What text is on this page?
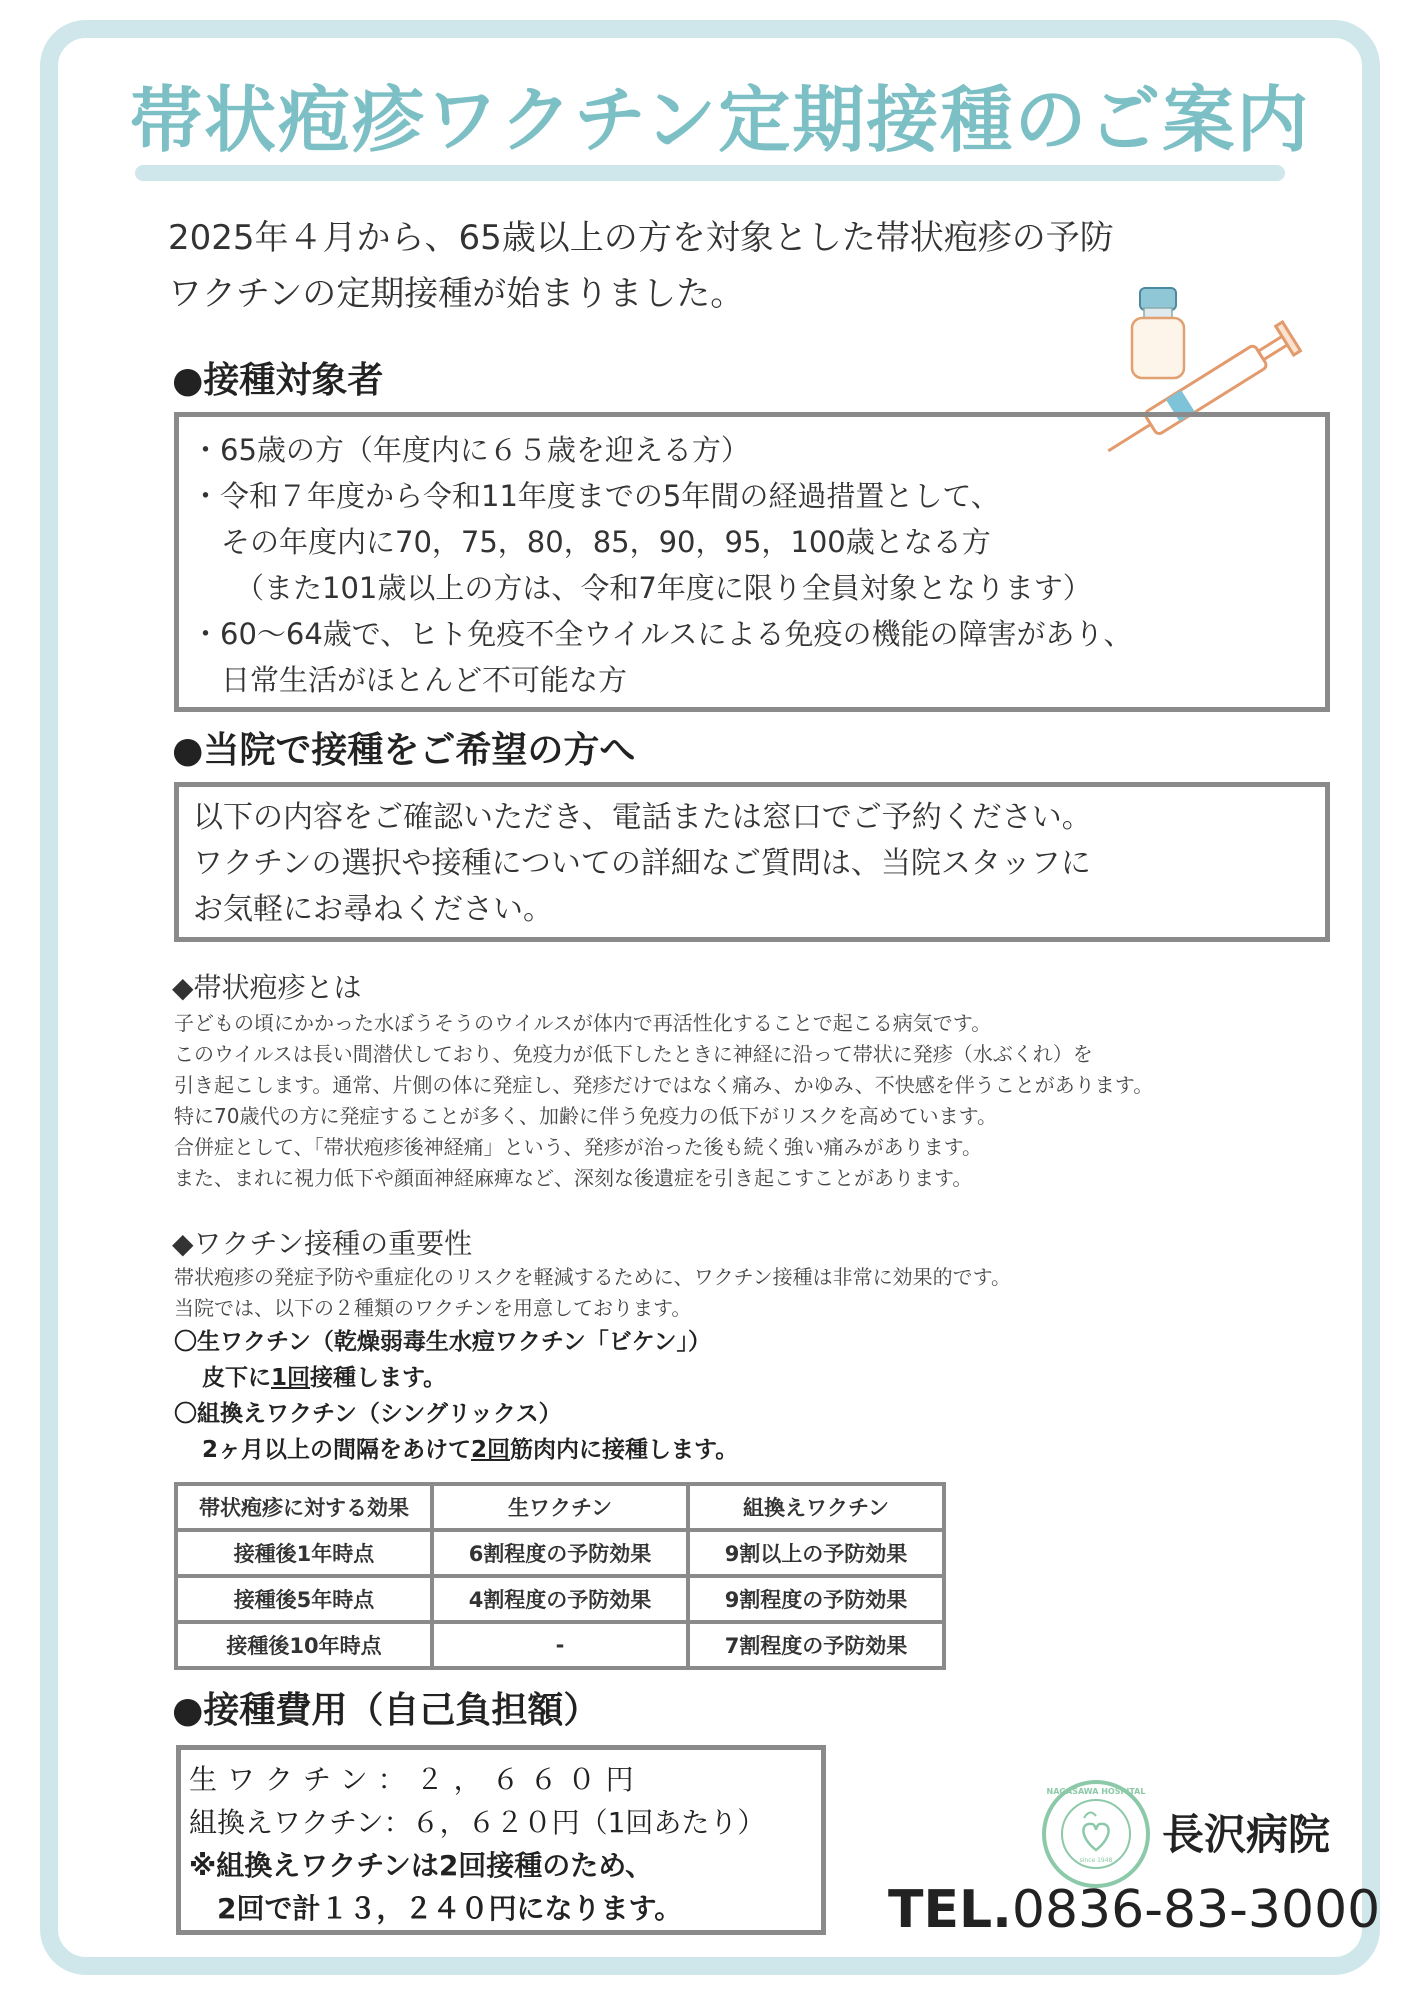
帯状疱疹ワクチン定期接種のご案内
2025年４月から、65歳以上の方を対象とした帯状疱疹の予防
ワクチンの定期接種が始まりました。
●接種対象者
・65歳の方（年度内に６５歳を迎える方）
・令和７年度から令和11年度までの5年間の経過措置として、
その年度内に70，75，80，85，90，95，100歳となる方
（また101歳以上の方は、令和7年度に限り全員対象となります）
・60〜64歳で、ヒト免疫不全ウイルスによる免疫の機能の障害があり、
日常生活がほとんど不可能な方
●当院で接種をご希望の方へ
以下の内容をご確認いただき、電話または窓口でご予約ください。
ワクチンの選択や接種についての詳細なご質問は、当院スタッフに
お気軽にお尋ねください。
◆帯状疱疹とは
子どもの頃にかかった水ぼうそうのウイルスが体内で再活性化することで起こる病気です。
このウイルスは長い間潜伏しており、免疫力が低下したときに神経に沿って帯状に発疹（水ぶくれ）を
引き起こします。通常、片側の体に発症し、発疹だけではなく痛み、かゆみ、不快感を伴うことがあります。
特に70歳代の方に発症することが多く、加齢に伴う免疫力の低下がリスクを高めています。
合併症として、「帯状疱疹後神経痛」という、発疹が治った後も続く強い痛みがあります。
また、まれに視力低下や顔面神経麻痺など、深刻な後遺症を引き起こすことがあります。
◆ワクチン接種の重要性
帯状疱疹の発症予防や重症化のリスクを軽減するために、ワクチン接種は非常に効果的です。
当院では、以下の２種類のワクチンを用意しております。
〇生ワクチン（乾燥弱毒生水痘ワクチン「ビケン」）
皮下に1回接種します。
〇組換えワクチン（シングリックス）
2ヶ月以上の間隔をあけて2回筋肉内に接種します。
帯状疱疹に対する効果	生ワクチン	組換えワクチン
接種後1年時点	6割程度の予防効果	9割以上の予防効果
接種後5年時点	4割程度の予防効果	9割程度の予防効果
接種後10年時点	-	7割程度の予防効果
●接種費用（自己負担額）
生ワクチン：２，６６０円
組換えワクチン：６，６２０円（1回あたり）
※組換えワクチンは2回接種のため、
2回で計１３，２４０円になります。
NAGASAWA HOSPITAL
since 1948
長沢病院
TEL.0836-83-3000
